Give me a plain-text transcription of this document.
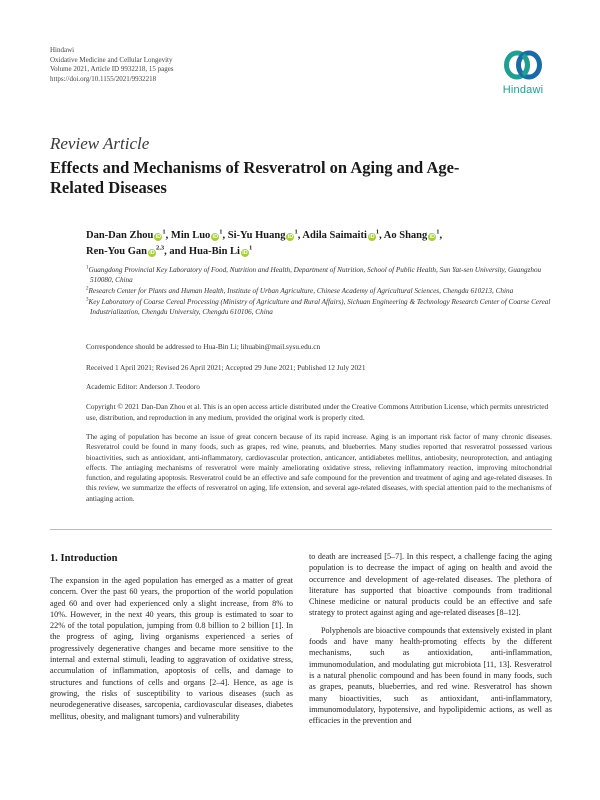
Hindawi
Oxidative Medicine and Cellular Longevity
Volume 2021, Article ID 9932218, 15 pages
https://doi.org/10.1155/2021/9932218
Hindawi
Review Article
Effects and Mechanisms of Resveratrol on Aging and Age-Related Diseases
Dan-Dan Zhou $iD^1$, Min Luo $iD^1$, Si-Yu Huang $iD^1$, Adila Saimaiti $iD^1$, Ao Shang $iD^1$,
Ren-You Gan iD$^{2,3}$, and Hua-Bin Li $iD^1$
$^1$Guangdong Provincial Key Laboratory of Food, Nutrition and Health, Department of Nutrition, School of Public Health, Sun Yat-sen University, Guangzhou 510080, China
$^2$Research Center for Plants and Human Health, Institute of Urban Agriculture, Chinese Academy of Agricultural Sciences, Chengdu 610213, China
$^3$Key Laboratory of Coarse Cereal Processing (Ministry of Agriculture and Rural Affairs), Sichuan Engineering & Technology Research Center of Coarse Cereal Industrialization, Chengdu University, Chengdu 610106, China
Correspondence should be addressed to Hua-Bin Li; lihuabin@mail.sysu.edu.cn
Received 1 April 2021; Revised 26 April 2021; Accepted 29 June 2021; Published 12 July 2021
Academic Editor: Anderson J. Teodoro
Copyright © 2021 Dan-Dan Zhou et al. This is an open access article distributed under the Creative Commons Attribution License, which permits unrestricted use, distribution, and reproduction in any medium, provided the original work is properly cited.
The aging of population has become an issue of great concern because of its rapid increase. Aging is an important risk factor of many chronic diseases. Resveratrol could be found in many foods, such as grapes, red wine, peanuts, and blueberries. Many studies reported that resveratrol possessed various bioactivities, such as antioxidant, anti-inflammatory, cardiovascular protection, anticancer, antidiabetes mellitus, antiobesity, neuroprotection, and antiaging effects. The antiaging mechanisms of resveratrol were mainly ameliorating oxidative stress, relieving inflammatory reaction, improving mitochondrial function, and regulating apoptosis. Resveratrol could be an effective and safe compound for the prevention and treatment of aging and age-related diseases. In this review, we summarize the effects of resveratrol on aging, life extension, and several age-related diseases, with special attention paid to the mechanisms of antiaging action.
1. Introduction

The expansion in the aged population has emerged as a matter of great concern. Over the past 60 years, the proportion of the world population aged 60 and over had experienced only a slight increase, from 8% to 10%. However, in the next 40 years, this group is estimated to soar to 22% of the total population, jumping from 0.8 billion to 2 billion [1]. In the progress of aging, living organisms experienced a series of progressively degenerative changes and became more sensitive to the internal and external stimuli, leading to aggravation of oxidative stress, accumulation of inflammation, apoptosis of cells, and damage to structures and functions of cells and organs [2–4]. Hence, as age is growing, the risks of susceptibility to various diseases (such as neurodegenerative diseases, sarcopenia, cardiovascular diseases, diabetes mellitus, obesity, and malignant tumors) and vulnerability

to death are increased [5–7]. In this respect, a challenge facing the aging population is to decrease the impact of aging on health and avoid the occurrence and development of age-related diseases. The plethora of literature has supported that bioactive compounds from traditional Chinese medicine or natural products could be an effective and safe strategy to protect against aging and age-related diseases [8–12].

Polyphenols are bioactive compounds that extensively existed in plant foods and have many health-promoting effects by the different mechanisms, such as antioxidation, anti-inflammation, immunomodulation, and modulating gut microbiota [11, 13]. Resveratrol is a natural phenolic compound and has been found in many foods, such as grapes, peanuts, blueberries, and red wine. Resveratrol has shown many bioactivities, such as antioxidant, anti-inflammatory, immunomodulatory, hypotensive, and hypolipidemic actions, as well as efficacies in the prevention and
